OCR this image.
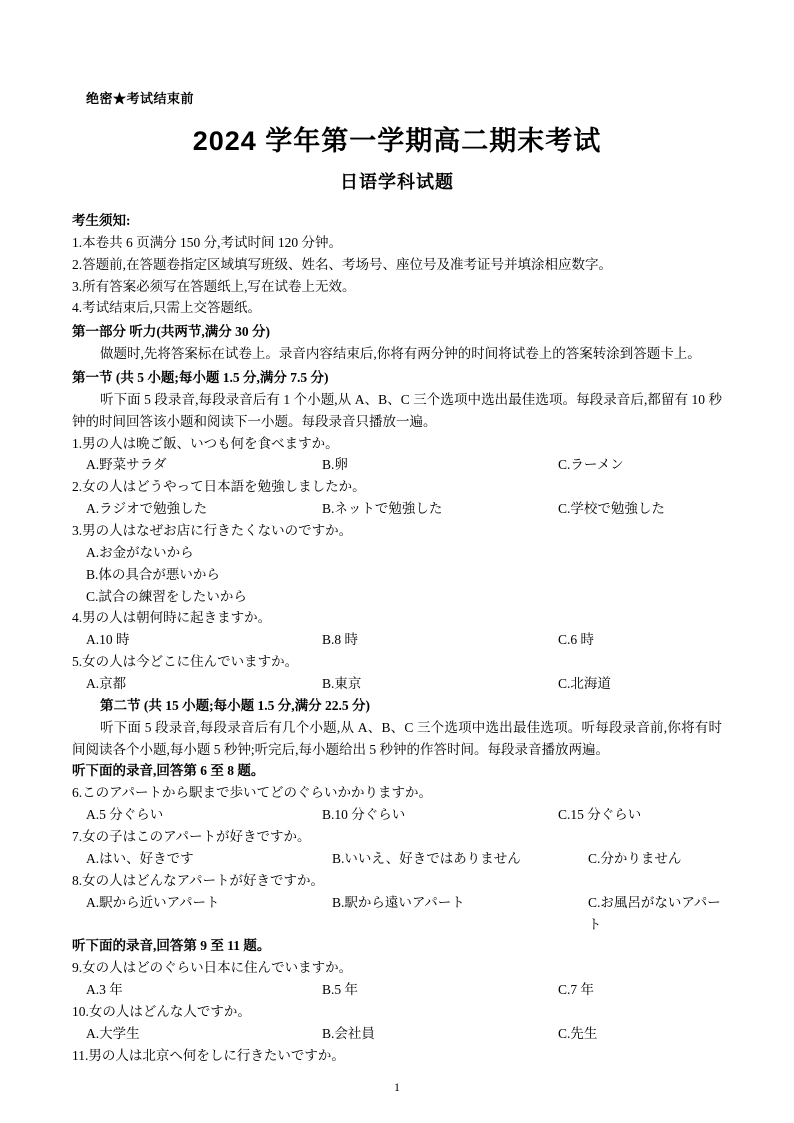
绝密★考试结束前
2024 学年第一学期高二期末考试
日语学科试题
考生须知:
1.本卷共 6 页满分 150 分,考试时间 120 分钟。
2.答题前,在答题卷指定区域填写班级、姓名、考场号、座位号及准考证号并填涂相应数字。
3.所有答案必须写在答题纸上,写在试卷上无效。
4.考试结束后,只需上交答题纸。
第一部分 听力(共两节,满分 30 分)
做题时,先将答案标在试卷上。录音内容结束后,你将有两分钟的时间将试卷上的答案转涂到答题卡上。
第一节 (共 5 小题;每小题 1.5 分,满分 7.5 分)
听下面 5 段录音,每段录音后有 1 个小题,从 A、B、C 三个选项中选出最佳选项。每段录音后,都留有 10 秒钟的时间回答该小题和阅读下一小题。每段录音只播放一遍。
1.男の人は晩ご飯、いつも何を食べますか。
A.野菜サラダ	B.卵	C.ラーメン
2.女の人はどうやって日本語を勉強しましたか。
A.ラジオで勉強した	B.ネットで勉強した	C.学校で勉強した
3.男の人はなぜお店に行きたくないのですか。
A.お金がないから
B.体の具合が悪いから
C.試合の練習をしたいから
4.男の人は朝何時に起きますか。
A.10 時	B.8 時	C.6 時
5.女の人は今どこに住んでいますか。
A.京都	B.東京	C.北海道
第二节 (共 15 小题;每小题 1.5 分,满分 22.5 分)
听下面 5 段录音,每段录音后有几个小题,从 A、B、C 三个选项中选出最佳选项。听每段录音前,你将有时间阅读各个小题,每小题 5 秒钟;听完后,每小题给出 5 秒钟的作答时间。每段录音播放两遍。
听下面的录音,回答第 6 至 8 题。
6.このアパートから駅まで歩いてどのぐらいかかりますか。
A.5 分ぐらい	B.10 分ぐらい	C.15 分ぐらい
7.女の子はこのアパートが好きですか。
A.はい、好きです	B.いいえ、好きではありません	C.分かりません
8.女の人はどんなアパートが好きですか。
A.駅から近いアパート	B.駅から遠いアパート	C.お風呂がないアパート
听下面的录音,回答第 9 至 11 题。
9.女の人はどのぐらい日本に住んでいますか。
A.3 年	B.5 年	C.7 年
10.女の人はどんな人ですか。
A.大学生	B.会社員	C.先生
11.男の人は北京へ何をしに行きたいですか。
1
